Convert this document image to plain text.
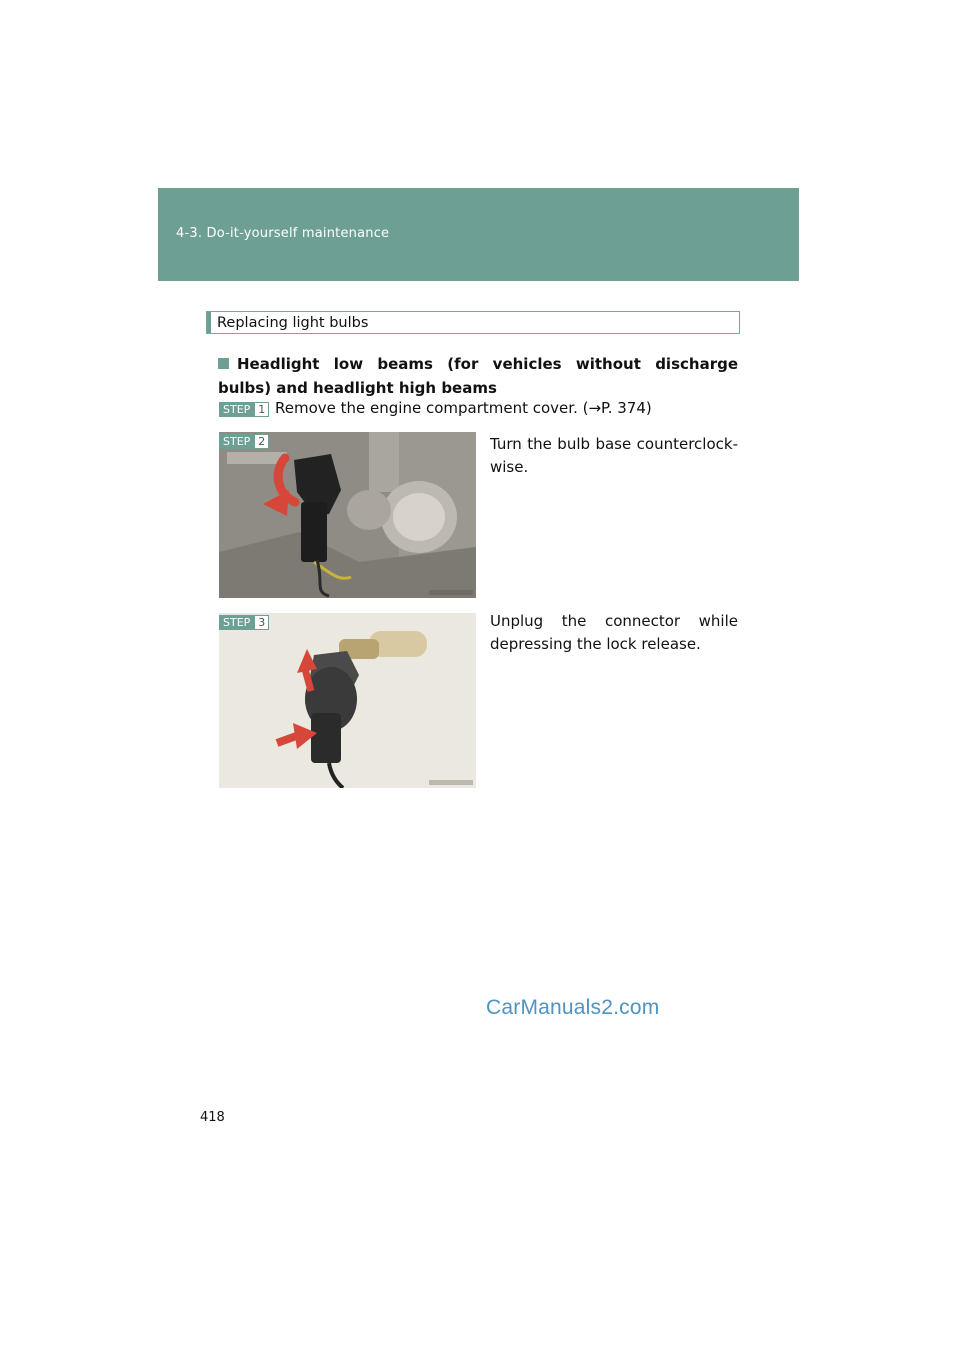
4-3. Do-it-yourself maintenance
Replacing light bulbs
Headlight low beams (for vehicles without discharge bulbs) and headlight high beams
STEP 1 Remove the engine compartment cover. (→P. 374)
STEP 2	Turn the bulb base counterclock-wise.
STEP 3	Unplug the connector while depressing the lock release.
CarManuals2.com
418
